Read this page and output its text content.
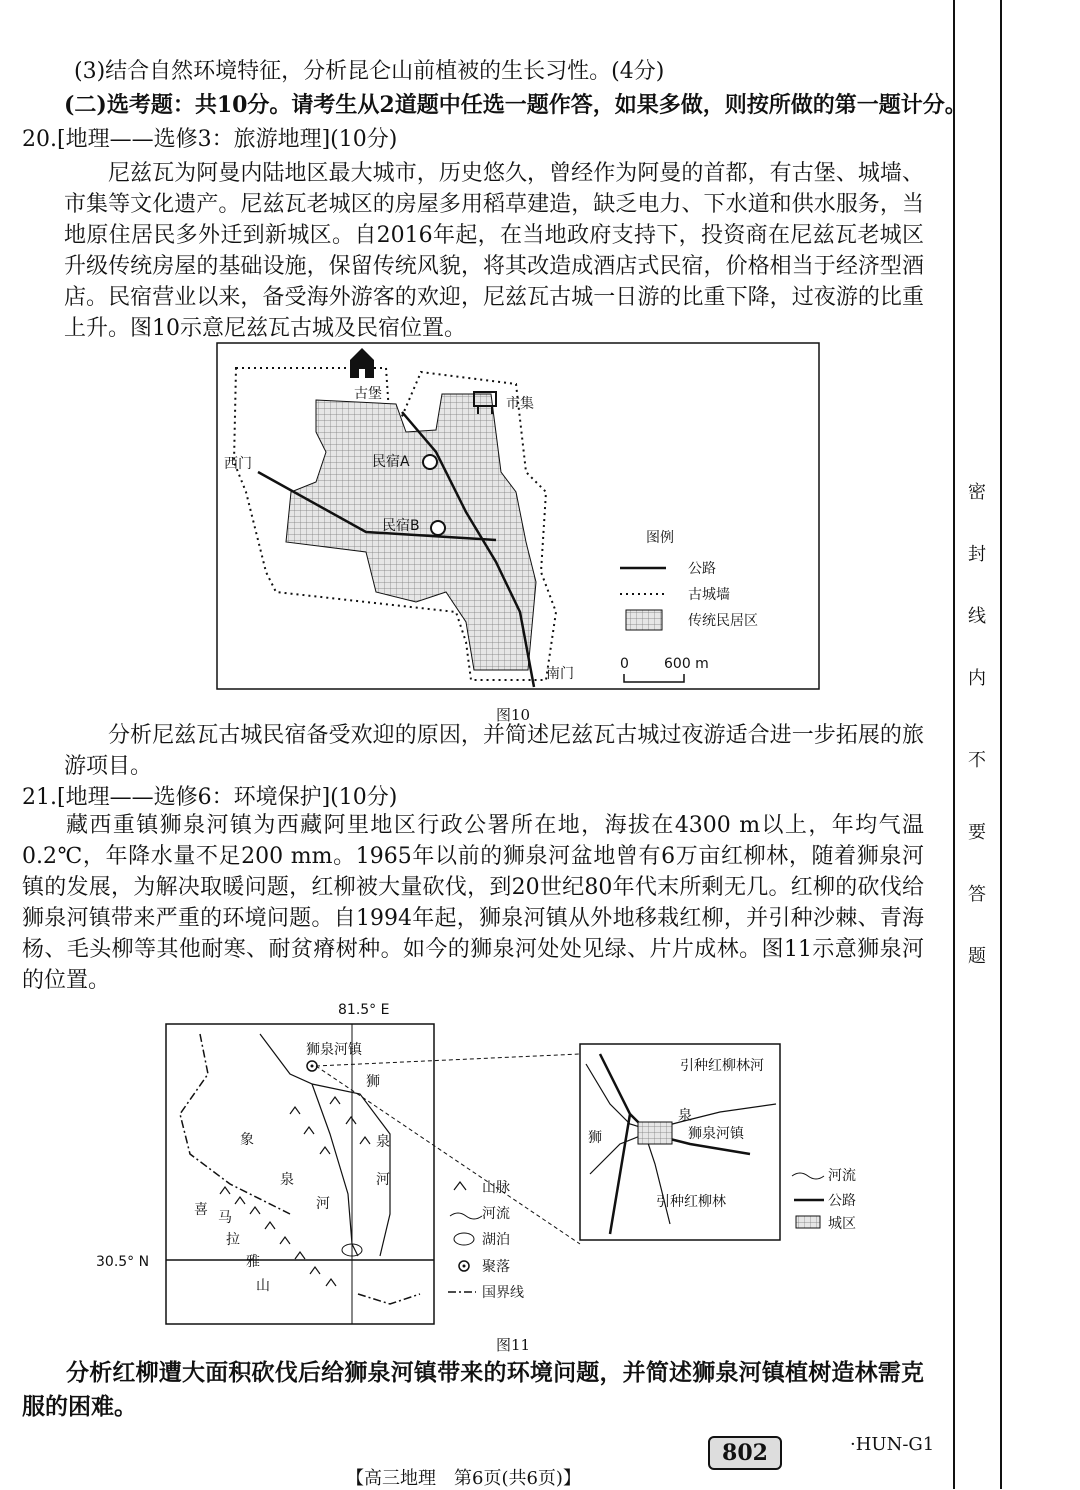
密
封
线
内
不
要
答
题
(3)结合自然环境特征，分析昆仑山前植被的生长习性。(4分)
(二)选考题：共10分。请考生从2道题中任选一题作答，如果多做，则按所做的第一题计分。
20.[地理——选修3：旅游地理](10分)
尼兹瓦为阿曼内陆地区最大城市，历史悠久，曾经作为阿曼的首都，有古堡、城墙、市集等文化遗产。尼兹瓦老城区的房屋多用稻草建造，缺乏电力、下水道和供水服务，当地原住居民多外迁到新城区。自2016年起，在当地政府支持下，投资商在尼兹瓦老城区升级传统房屋的基础设施，保留传统风貌，将其改造成酒店式民宿，价格相当于经济型酒店。民宿营业以来，备受海外游客的欢迎，尼兹瓦古城一日游的比重下降，过夜游的比重上升。图10示意尼兹瓦古城及民宿位置。
古堡
市集
西门	民宿A
民宿B
南门
图例
公路
古城墙
传统民居区
0	600 m
图10
分析尼兹瓦古城民宿备受欢迎的原因，并简述尼兹瓦古城过夜游适合进一步拓展的旅游项目。
21.[地理——选修6：环境保护](10分)
藏西重镇狮泉河镇为西藏阿里地区行政公署所在地，海拔在4300 m以上，年均气温0.2℃，年降水量不足200 mm。1965年以前的狮泉河盆地曾有6万亩红柳林，随着狮泉河镇的发展，为解决取暖问题，红柳被大量砍伐，到20世纪80年代末所剩无几。红柳的砍伐给狮泉河镇带来严重的环境问题。自1994年起，狮泉河镇从外地移栽红柳，并引种沙棘、青海杨、毛头柳等其他耐寒、耐贫瘠树种。如今的狮泉河处处见绿、片片成林。图11示意狮泉河的位置。
81.5° E
30.5° N
狮泉河镇
狮
泉
河
象
泉
河
喜 马
拉
雅
山
山脉
河流
湖泊
聚落
国界线
引种红柳林河
引种红柳林
狮
泉
狮泉河镇
河流
公路
城区
图11
分析红柳遭大面积砍伐后给狮泉河镇带来的环境问题，并简述狮泉河镇植树造林需克服的困难。
【高三地理　第6页(共6页)】
802	·HUN-G1
